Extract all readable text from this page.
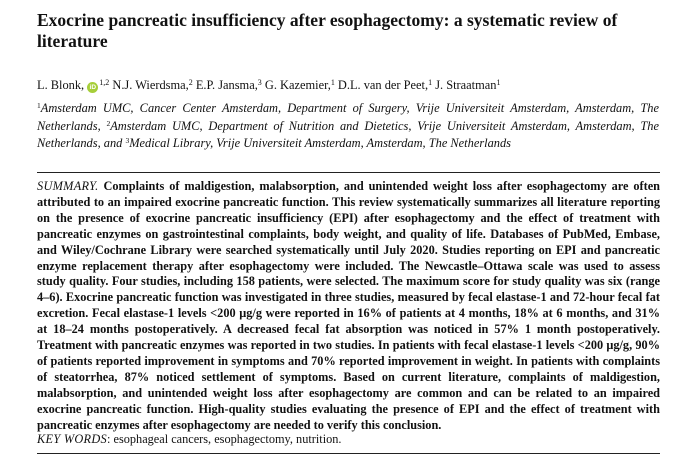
Exocrine pancreatic insufficiency after esophagectomy: a systematic review of literature
L. Blonk, iD$^{1,2}$ N.J. Wierdsma,$^2$ E.P. Jansma,$^3$ G. Kazemier,$^1$ D.L. van der Peet,$^1$ J. Straatman$^1$
$^1$Amsterdam UMC, Cancer Center Amsterdam, Department of Surgery, Vrije Universiteit Amsterdam, Amsterdam, The Netherlands, $^2$Amsterdam UMC, Department of Nutrition and Dietetics, Vrije Universiteit Amsterdam, Amsterdam, The Netherlands, and $^3$Medical Library, Vrije Universiteit Amsterdam, Amsterdam, The Netherlands
SUMMARY. Complaints of maldigestion, malabsorption, and unintended weight loss after esophagectomy are often attributed to an impaired exocrine pancreatic function. This review systematically summarizes all literature reporting on the presence of exocrine pancreatic insufficiency (EPI) after esophagectomy and the effect of treatment with pancreatic enzymes on gastrointestinal complaints, body weight, and quality of life. Databases of PubMed, Embase, and Wiley/Cochrane Library were searched systematically until July 2020. Studies reporting on EPI and pancreatic enzyme replacement therapy after esophagectomy were included. The Newcastle–Ottawa scale was used to assess study quality. Four studies, including 158 patients, were selected. The maximum score for study quality was six (range 4–6). Exocrine pancreatic function was investigated in three studies, measured by fecal elastase-1 and 72-hour fecal fat excretion. Fecal elastase-1 levels <200 μg/g were reported in 16% of patients at 4 months, 18% at 6 months, and 31% at 18–24 months postoperatively. A decreased fecal fat absorption was noticed in 57% 1 month postoperatively. Treatment with pancreatic enzymes was reported in two studies. In patients with fecal elastase-1 levels <200 μg/g, 90% of patients reported improvement in symptoms and 70% reported improvement in weight. In patients with complaints of steatorrhea, 87% noticed settlement of symptoms. Based on current literature, complaints of maldigestion, malabsorption, and unintended weight loss after esophagectomy are common and can be related to an impaired exocrine pancreatic function. High-quality studies evaluating the presence of EPI and the effect of treatment with pancreatic enzymes after esophagectomy are needed to verify this conclusion.
KEY WORDS: esophageal cancers, esophagectomy, nutrition.
